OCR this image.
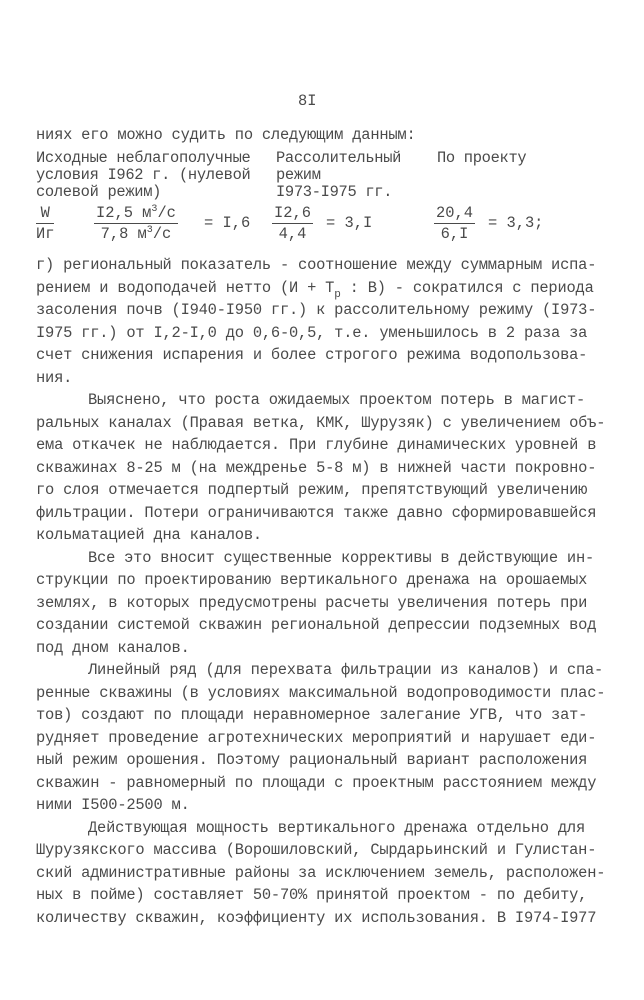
8I
ниях его можно судить по следующим данным:
Исходные неблагополучные
условия I962 г. (нулевой
солевой режим)
Рассолительный
режим
I973-I975 гг.
По проекту
W
Иг
I2,5 $м^3/с$
7,8 $м^3/с$
= $I,6 \frac{I2,6}{4,4} = 3,I$	$\frac{20,4}{6,I} = 3,3$;
г) региональный показатель - соотношение между суммарным испа-
рением и водоподачей нетто ($И + Т_р$ : В) - сократился с периода
засоления почв (I940-I950 гг.) к рассолительному режиму (I973-
I975 гг.) от I,2-I,0 до 0,6-0,5, т.е. уменьшилось в 2 раза за
счет снижения испарения и более строгого режима водопользова-
ния.
Выяснено, что роста ожидаемых проектом потерь в магист-
ральных каналах (Правая ветка, КМК, Шурузяк) с увеличением объ-
ема откачек не наблюдается. При глубине динамических уровней в
скважинах 8-25 м (на междренье 5-8 м) в нижней части покровно-
го слоя отмечается подпертый режим, препятствующий увеличению
фильтрации. Потери ограничиваются также давно сформировавшейся
кольматацией дна каналов.
Все это вносит существенные коррективы в действующие ин-
струкции по проектированию вертикального дренажа на орошаемых
землях, в которых предусмотрены расчеты увеличения потерь при
создании системой скважин региональной депрессии подземных вод
под дном каналов.
Линейный ряд (для перехвата фильтрации из каналов) и спа-
ренные скважины (в условиях максимальной водопроводимости плас-
тов) создают по площади неравномерное залегание УГВ, что зат-
рудняет проведение агротехнических мероприятий и нарушает еди-
ный режим орошения. Поэтому рациональный вариант расположения
скважин - равномерный по площади с проектным расстоянием между
ними I500-2500 м.
Действующая мощность вертикального дренажа отдельно для
Шурузякского массива (Ворошиловский, Сырдарьинский и Гулистан-
ский административные районы за исключением земель, расположен-
ных в пойме) составляет 50-70% принятой проектом - по дебиту,
количеству скважин, коэффициенту их использования. В I974-I977
